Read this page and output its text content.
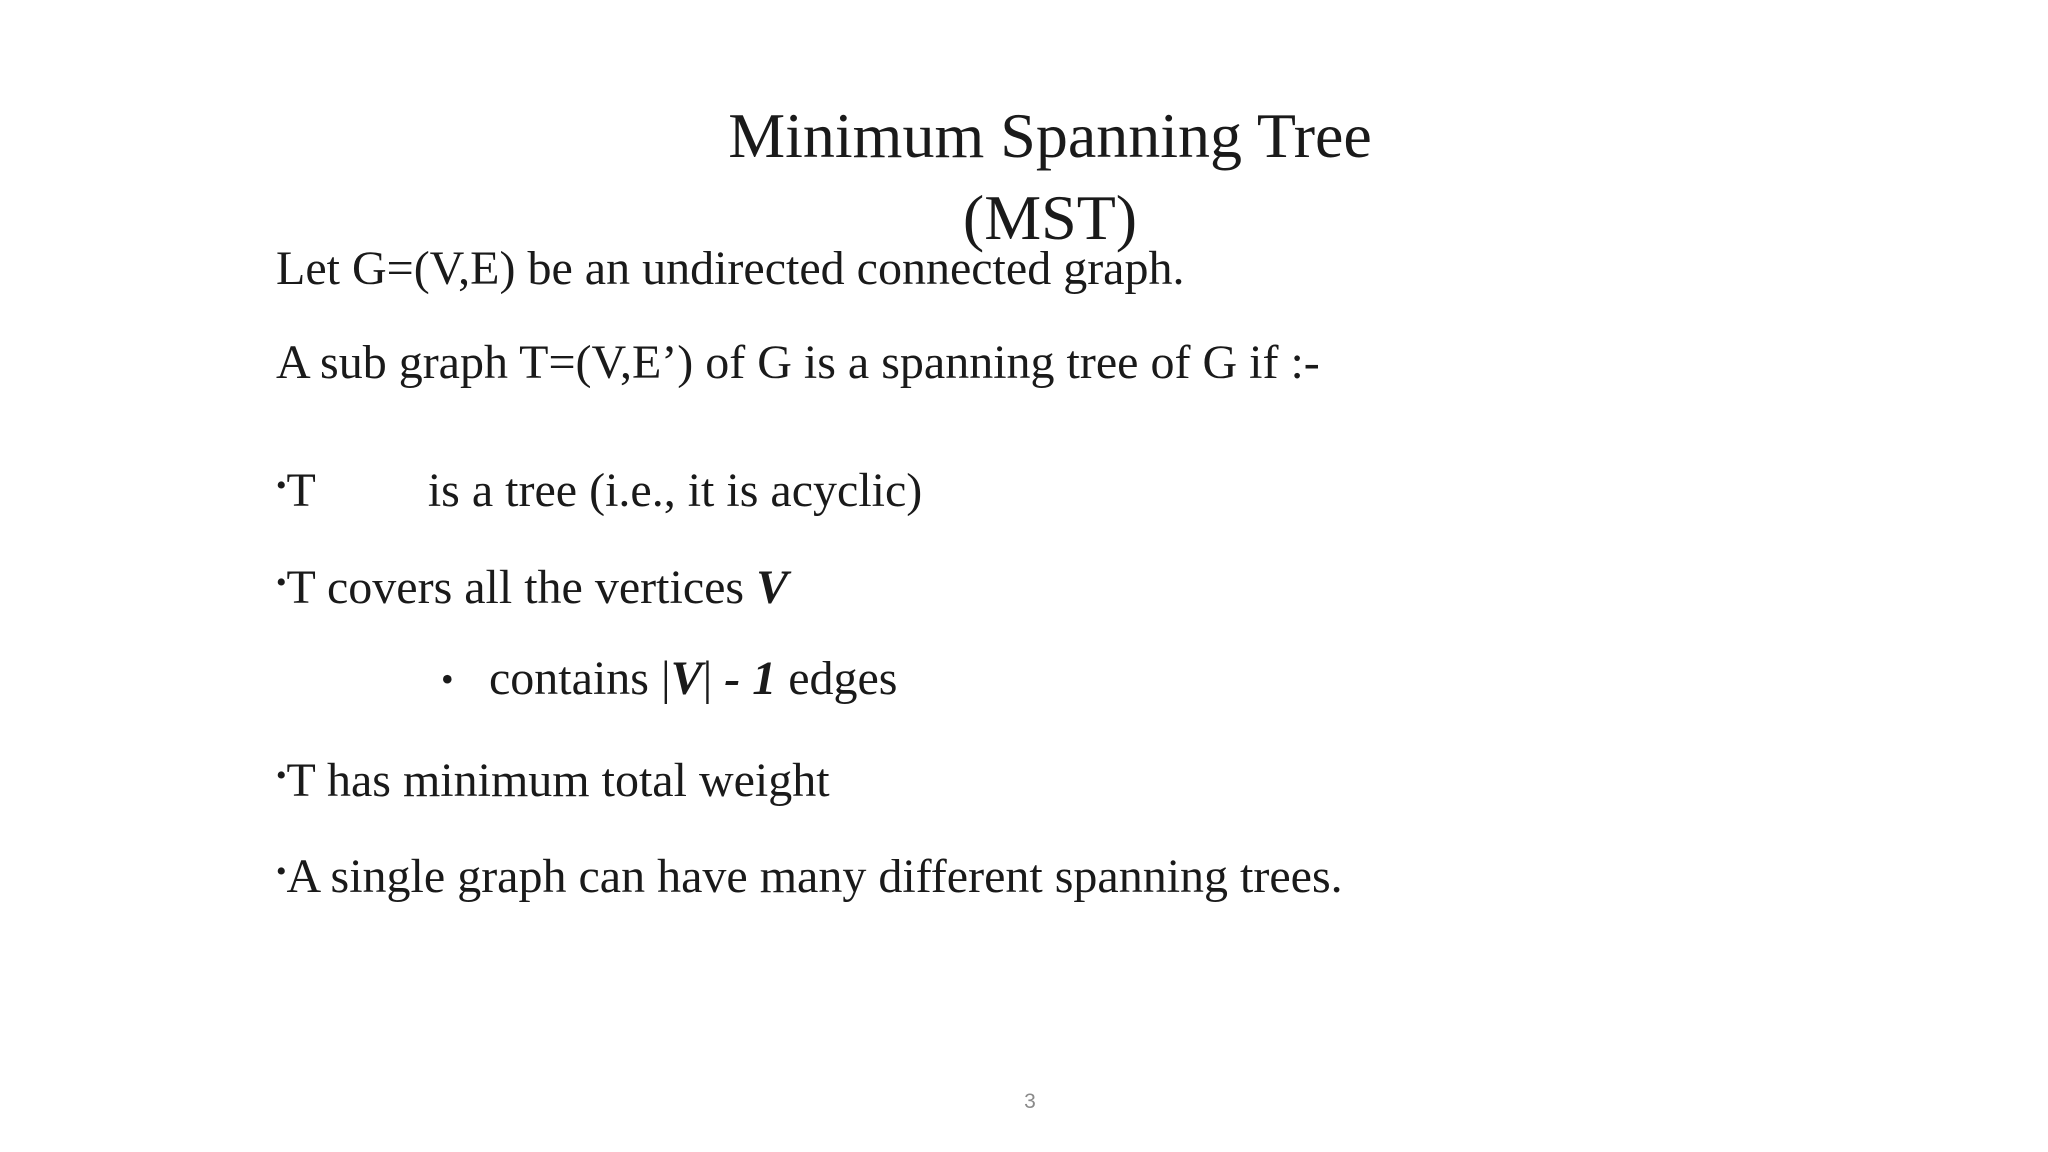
Minimum Spanning Tree
(MST)
Let G=(V,E) be an undirected connected graph.
A sub graph T=(V,E’) of G is a spanning tree of G if :-
•T is a tree (i.e., it is acyclic)
•T covers all the vertices V
• contains |V| - 1 edges
•T has minimum total weight
•A single graph can have many different spanning trees.
3
